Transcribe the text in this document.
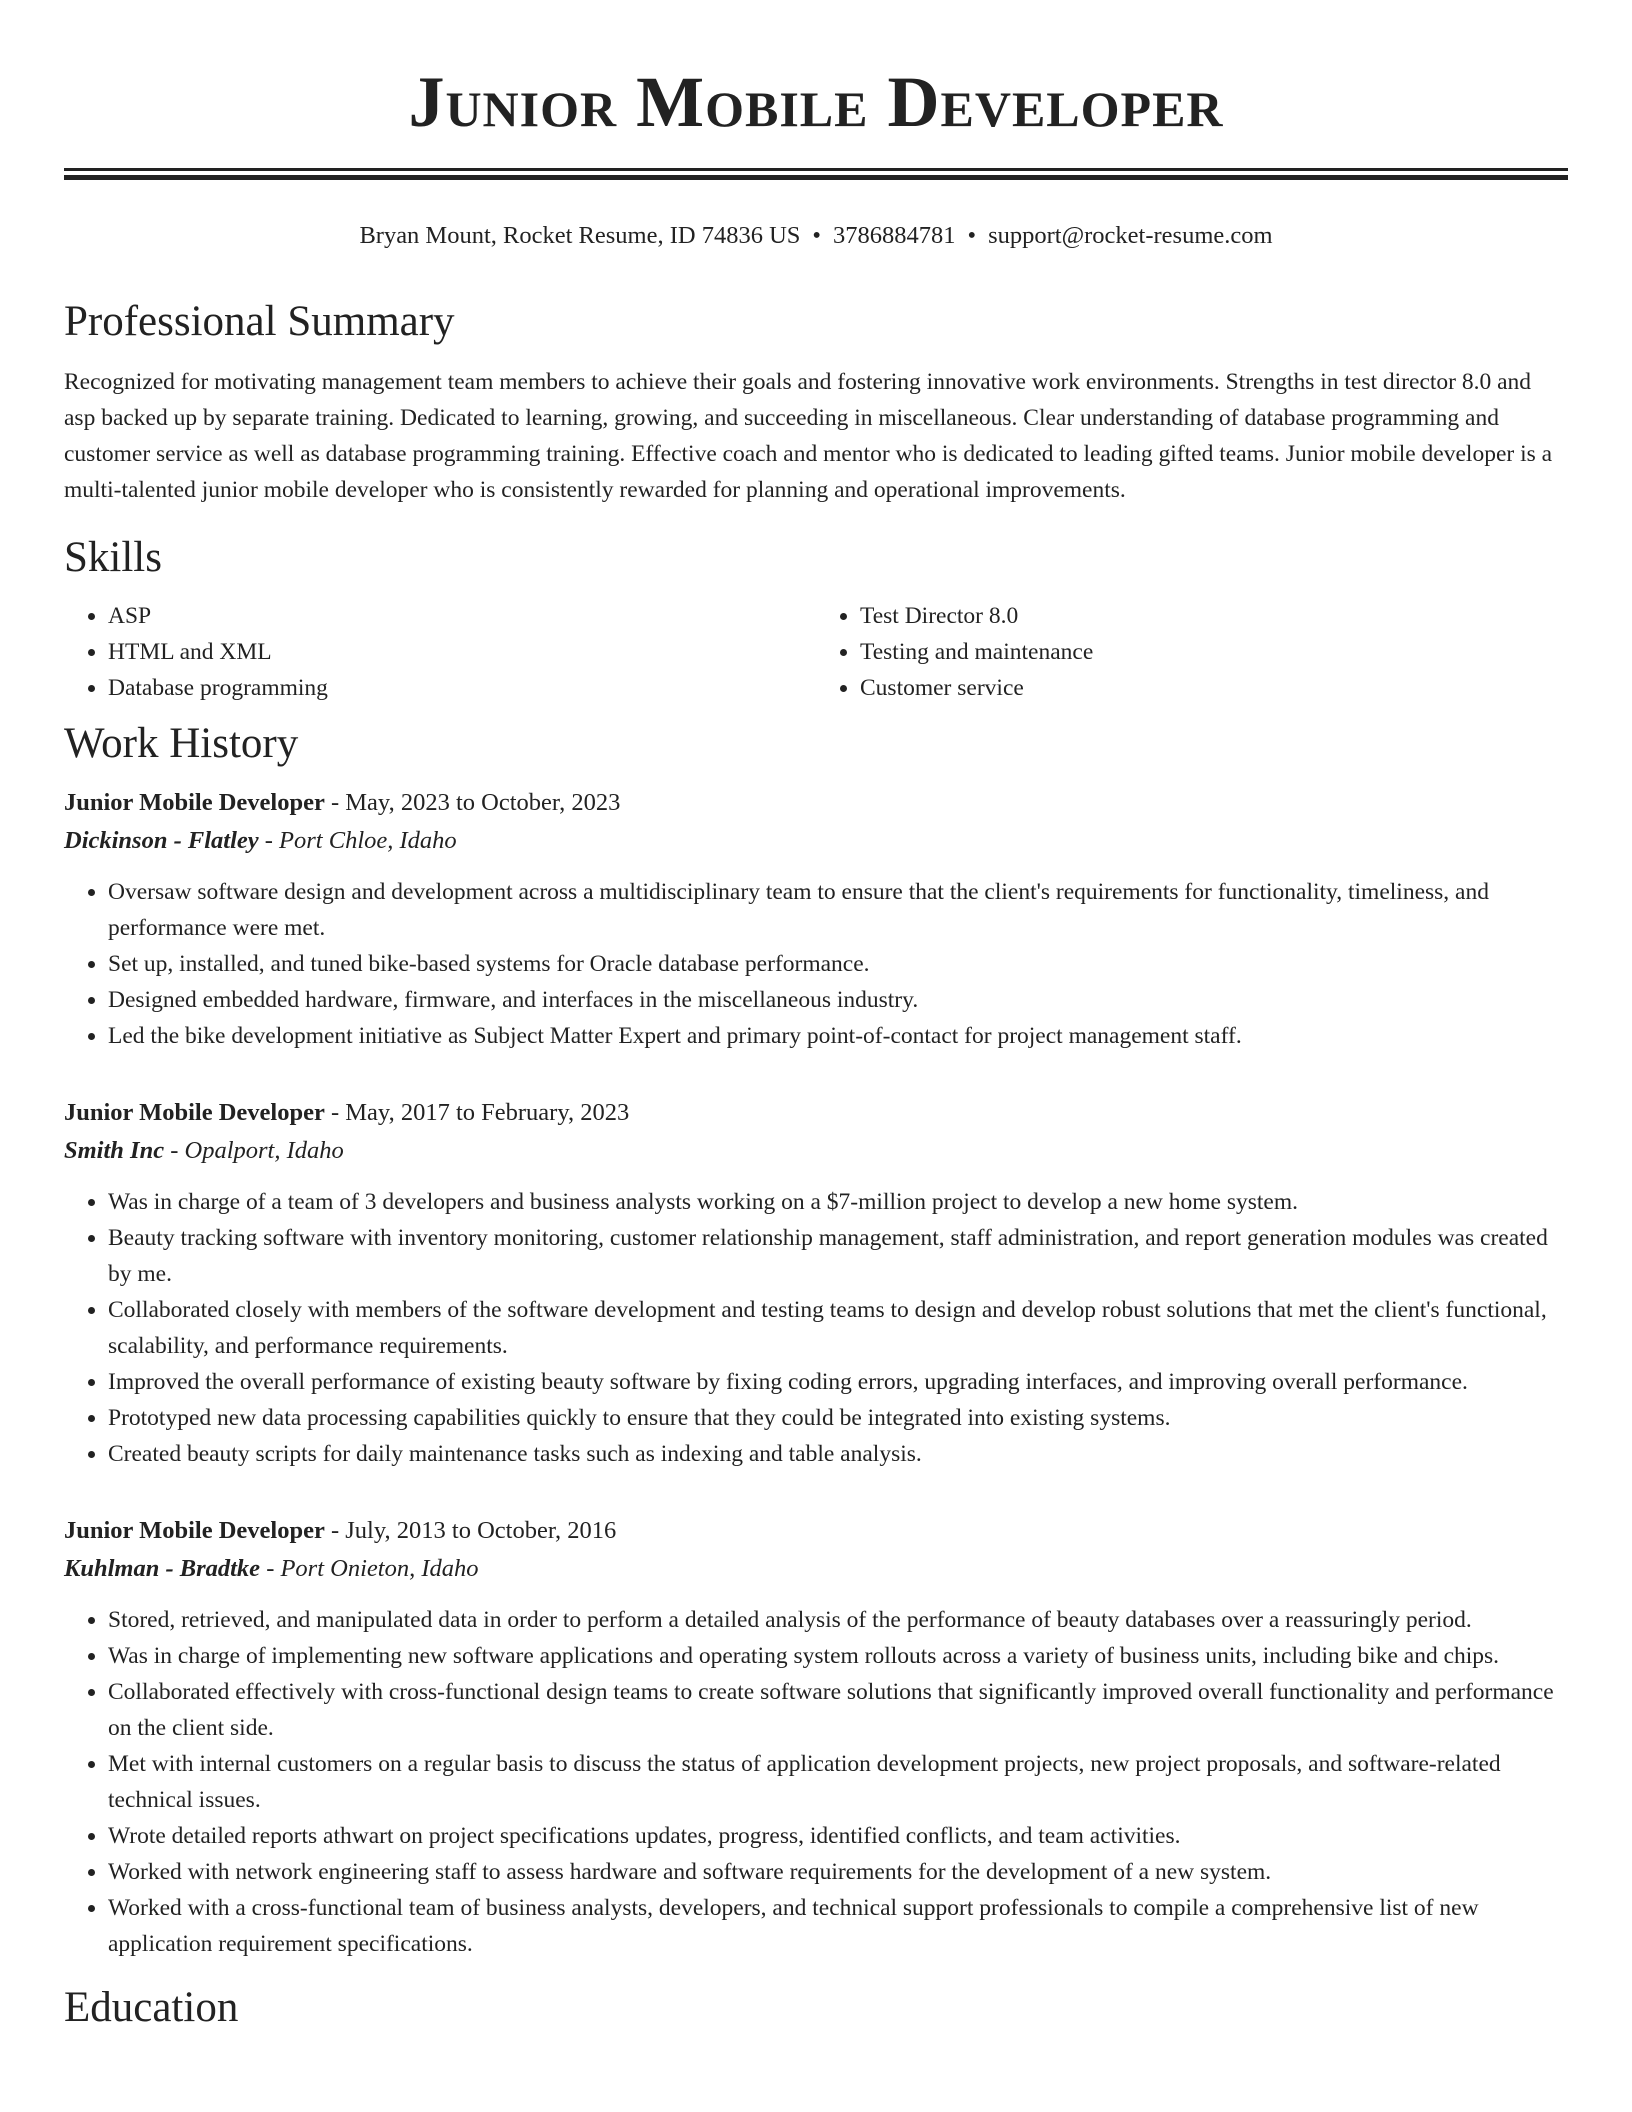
Junior Mobile Developer
Bryan Mount, Rocket Resume, ID 74836 US • 3786884781 • support@rocket-resume.com
Professional Summary
Recognized for motivating management team members to achieve their goals and fostering innovative work environments. Strengths in test director 8.0 and asp backed up by separate training. Dedicated to learning, growing, and succeeding in miscellaneous. Clear understanding of database programming and customer service as well as database programming training. Effective coach and mentor who is dedicated to leading gifted teams. Junior mobile developer is a multi-talented junior mobile developer who is consistently rewarded for planning and operational improvements.
Skills
• ASP
• HTML and XML
• Database programming
• Test Director 8.0
• Testing and maintenance
• Customer service
Work History
Junior Mobile Developer - May, 2023 to October, 2023
Dickinson - Flatley - Port Chloe, Idaho
• Oversaw software design and development across a multidisciplinary team to ensure that the client's requirements for functionality, timeliness, and performance were met.
• Set up, installed, and tuned bike-based systems for Oracle database performance.
• Designed embedded hardware, firmware, and interfaces in the miscellaneous industry.
• Led the bike development initiative as Subject Matter Expert and primary point-of-contact for project management staff.
Junior Mobile Developer - May, 2017 to February, 2023
Smith Inc - Opalport, Idaho
• Was in charge of a team of 3 developers and business analysts working on a $7-million project to develop a new home system.
• Beauty tracking software with inventory monitoring, customer relationship management, staff administration, and report generation modules was created by me.
• Collaborated closely with members of the software development and testing teams to design and develop robust solutions that met the client's functional, scalability, and performance requirements.
• Improved the overall performance of existing beauty software by fixing coding errors, upgrading interfaces, and improving overall performance.
• Prototyped new data processing capabilities quickly to ensure that they could be integrated into existing systems.
• Created beauty scripts for daily maintenance tasks such as indexing and table analysis.
Junior Mobile Developer - July, 2013 to October, 2016
Kuhlman - Bradtke - Port Onieton, Idaho
• Stored, retrieved, and manipulated data in order to perform a detailed analysis of the performance of beauty databases over a reassuringly period.
• Was in charge of implementing new software applications and operating system rollouts across a variety of business units, including bike and chips.
• Collaborated effectively with cross-functional design teams to create software solutions that significantly improved overall functionality and performance on the client side.
• Met with internal customers on a regular basis to discuss the status of application development projects, new project proposals, and software-related technical issues.
• Wrote detailed reports athwart on project specifications updates, progress, identified conflicts, and team activities.
• Worked with network engineering staff to assess hardware and software requirements for the development of a new system.
• Worked with a cross-functional team of business analysts, developers, and technical support professionals to compile a comprehensive list of new application requirement specifications.
Education
